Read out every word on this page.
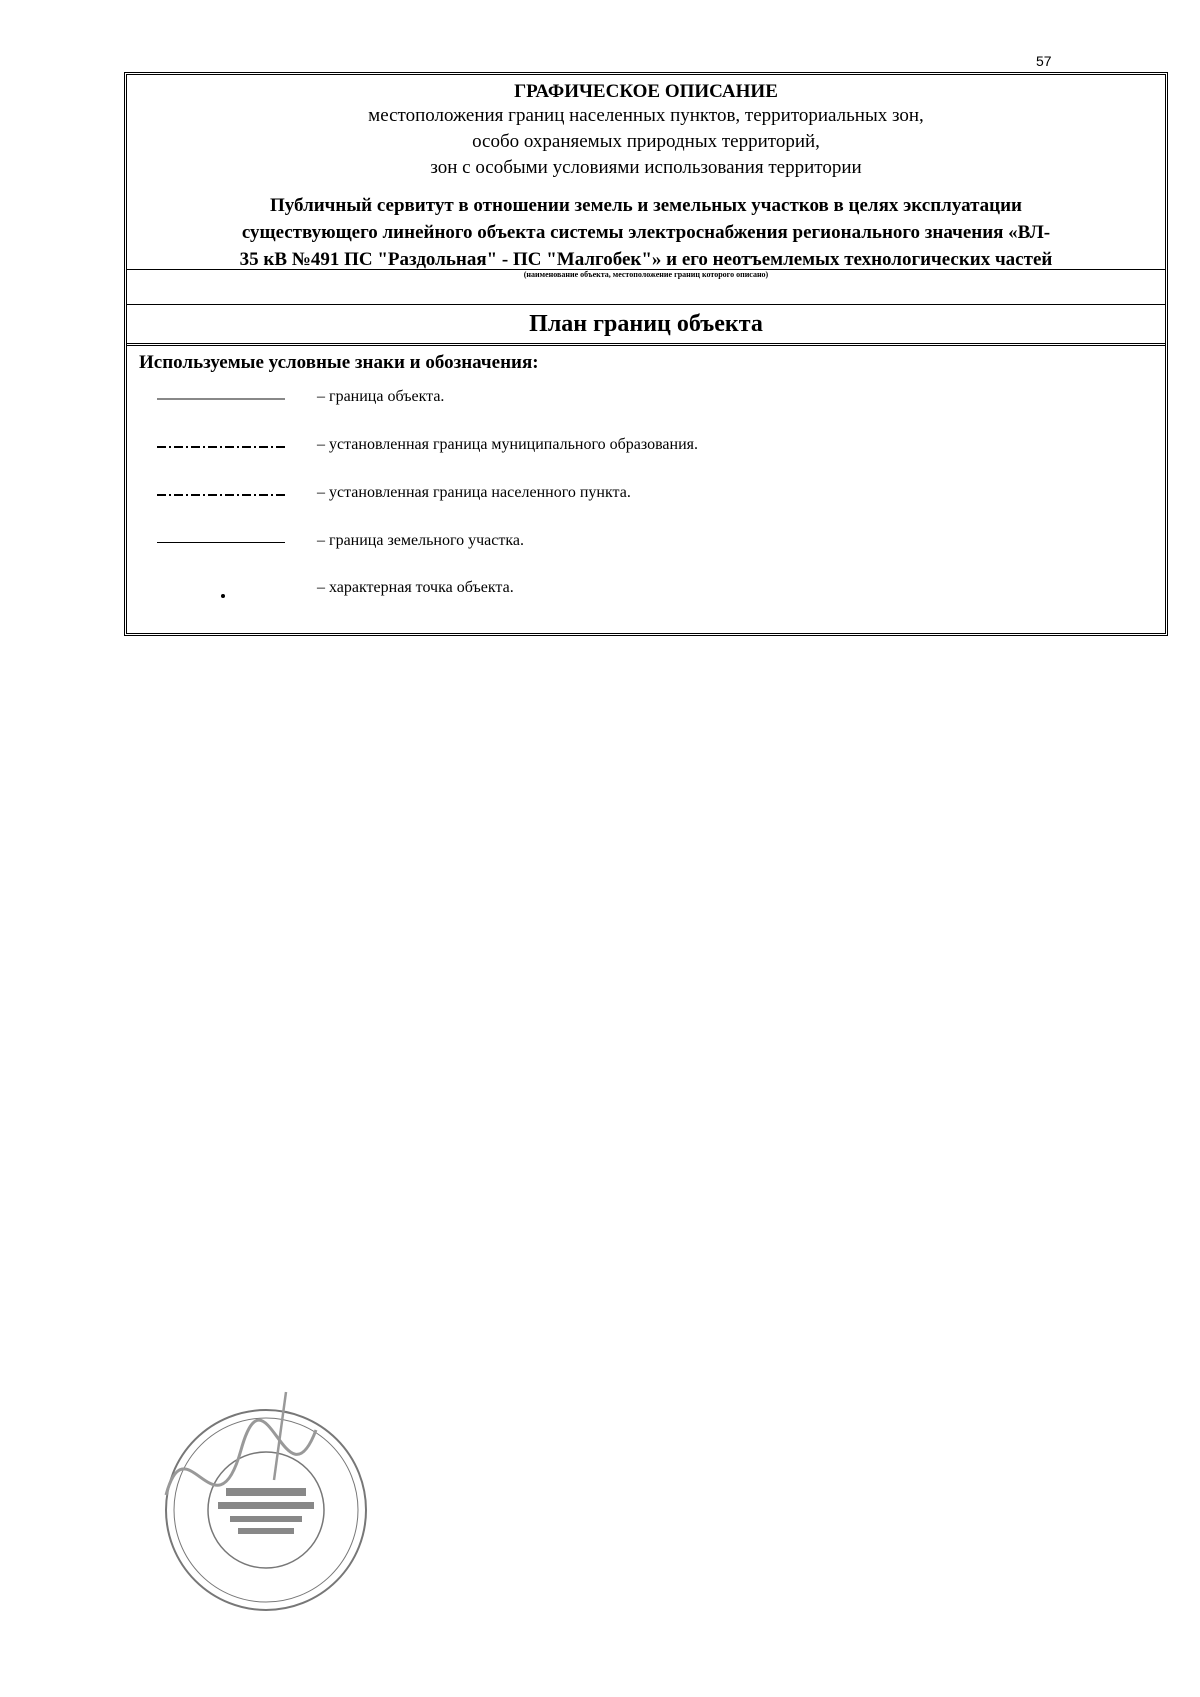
57
ГРАФИЧЕСКОЕ ОПИСАНИЕ
местоположения границ населенных пунктов, территориальных зон,
особо охраняемых природных территорий,
зон с особыми условиями использования территории
Публичный сервитут в отношении земель и земельных участков в целях эксплуатации
существующего линейного объекта системы электроснабжения регионального значения «ВЛ-
35 кВ №491 ПС "Раздольная" - ПС "Малгобек"» и его неотъемлемых технологических частей
(наименование объекта, местоположение границ которого описано)
План границ объекта
Используемые условные знаки и обозначения:
– граница объекта.
– установленная граница муниципального образования.
– установленная граница населенного пункта.
– граница земельного участка.
– характерная точка объекта.
